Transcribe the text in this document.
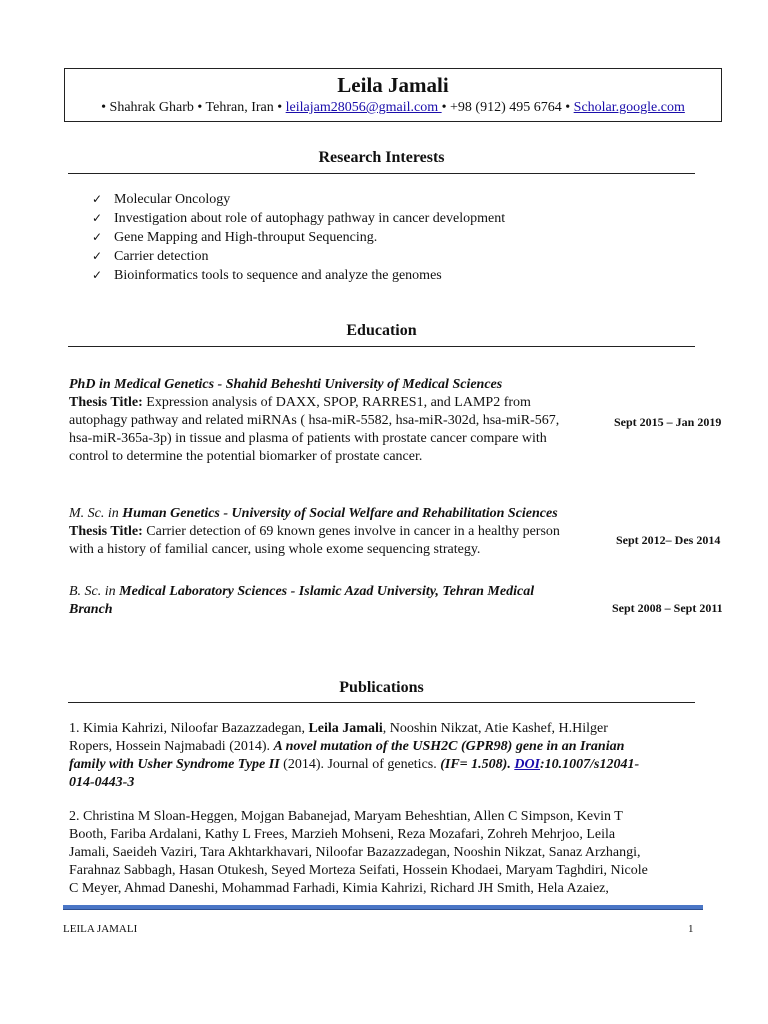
Leila Jamali
• Shahrak Gharb • Tehran, Iran • leilajam28056@gmail.com • +98 (912) 495 6764 • Scholar.google.com
Research Interests
✓ Molecular Oncology
✓ Investigation about role of autophagy pathway in cancer development
✓ Gene Mapping and High-throuput Sequencing.
✓ Carrier detection
✓ Bioinformatics tools to sequence and analyze the genomes
Education
PhD in Medical Genetics - Shahid Beheshti University of Medical Sciences
Thesis Title: Expression analysis of DAXX, SPOP, RARRES1, and LAMP2 from
autophagy pathway and related miRNAs ( hsa-miR-5582, hsa-miR-302d, hsa-miR-567,
hsa-miR-365a-3p) in tissue and plasma of patients with prostate cancer compare with
control to determine the potential biomarker of prostate cancer.
Sept 2015 – Jan 2019
M. Sc. in Human Genetics - University of Social Welfare and Rehabilitation Sciences
Thesis Title: Carrier detection of 69 known genes involve in cancer in a healthy person
with a history of familial cancer, using whole exome sequencing strategy.
Sept 2012– Des 2014
B. Sc. in Medical Laboratory Sciences - Islamic Azad University, Tehran Medical
Branch	Sept 2008 – Sept 2011
Publications
1. Kimia Kahrizi, Niloofar Bazazzadegan, Leila Jamali, Nooshin Nikzat, Atie Kashef, H.Hilger
Ropers, Hossein Najmabadi (2014). A novel mutation of the USH2C (GPR98) gene in an Iranian
family with Usher Syndrome Type II (2014). Journal of genetics. (IF= 1.508). DOI:10.1007/s12041-
014-0443-3
2. Christina M Sloan-Heggen, Mojgan Babanejad, Maryam Beheshtian, Allen C Simpson, Kevin T
Booth, Fariba Ardalani, Kathy L Frees, Marzieh Mohseni, Reza Mozafari, Zohreh Mehrjoo, Leila
Jamali, Saeideh Vaziri, Tara Akhtarkhavari, Niloofar Bazazzadegan, Nooshin Nikzat, Sanaz Arzhangi,
Farahnaz Sabbagh, Hasan Otukesh, Seyed Morteza Seifati, Hossein Khodaei, Maryam Taghdiri, Nicole
C Meyer, Ahmad Daneshi, Mohammad Farhadi, Kimia Kahrizi, Richard JH Smith, Hela Azaiez,
LEILA JAMALI	1
